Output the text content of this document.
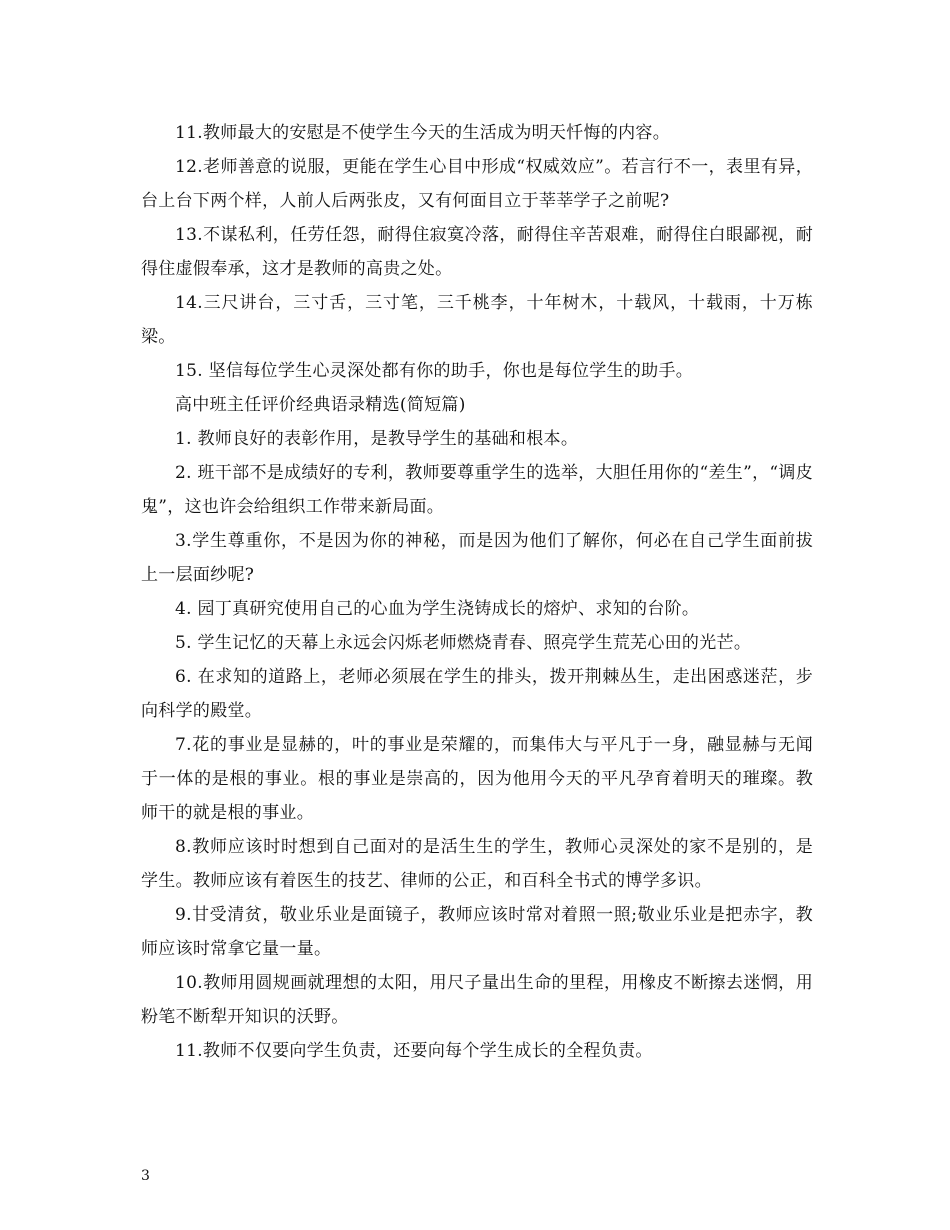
11.教师最大的安慰是不使学生今天的生活成为明天忏悔的内容。

12.老师善意的说服，更能在学生心目中形成“权威效应”。若言行不一，表里有异，台上台下两个样，人前人后两张皮，又有何面目立于莘莘学子之前呢?

13.不谋私利，任劳任怨，耐得住寂寞冷落，耐得住辛苦艰难，耐得住白眼鄙视，耐得住虚假奉承，这才是教师的高贵之处。

14.三尺讲台，三寸舌，三寸笔，三千桃李，十年树木，十载风，十载雨，十万栋梁。

15. 坚信每位学生心灵深处都有你的助手，你也是每位学生的助手。

高中班主任评价经典语录精选(简短篇)

1. 教师良好的表彰作用，是教导学生的基础和根本。

2. 班干部不是成绩好的专利，教师要尊重学生的选举，大胆任用你的“差生”，“调皮鬼”，这也许会给组织工作带来新局面。

3.学生尊重你，不是因为你的神秘，而是因为他们了解你，何必在自己学生面前拔上一层面纱呢?

4. 园丁真研究使用自己的心血为学生浇铸成长的熔炉、求知的台阶。

5. 学生记忆的天幕上永远会闪烁老师燃烧青春、照亮学生荒芜心田的光芒。

6. 在求知的道路上，老师必须展在学生的排头，拨开荆棘丛生，走出困惑迷茫，步向科学的殿堂。

7.花的事业是显赫的，叶的事业是荣耀的，而集伟大与平凡于一身，融显赫与无闻于一体的是根的事业。根的事业是崇高的，因为他用今天的平凡孕育着明天的璀璨。教师干的就是根的事业。

8.教师应该时时想到自己面对的是活生生的学生，教师心灵深处的家不是别的，是学生。教师应该有着医生的技艺、律师的公正，和百科全书式的博学多识。

9.甘受清贫，敬业乐业是面镜子，教师应该时常对着照一照;敬业乐业是把赤字，教师应该时常拿它量一量。

10.教师用圆规画就理想的太阳，用尺子量出生命的里程，用橡皮不断擦去迷惘，用粉笔不断犁开知识的沃野。

11.教师不仅要向学生负责，还要向每个学生成长的全程负责。

3
